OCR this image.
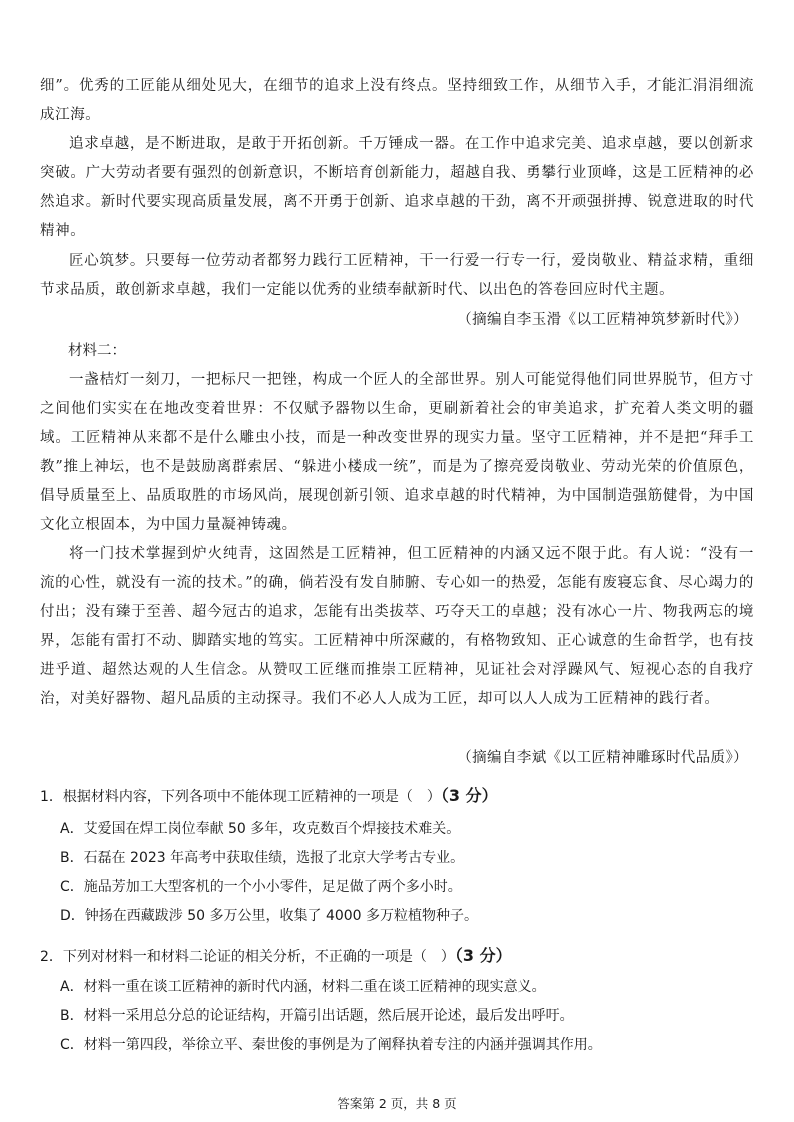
细”。优秀的工匠能从细处见大，在细节的追求上没有终点。坚持细致工作，从细节入手，才能汇涓涓细流成江海。

追求卓越，是不断进取，是敢于开拓创新。千万锤成一器。在工作中追求完美、追求卓越，要以创新求突破。广大劳动者要有强烈的创新意识，不断培育创新能力，超越自我、勇攀行业顶峰，这是工匠精神的必然追求。新时代要实现高质量发展，离不开勇于创新、追求卓越的干劲，离不开顽强拼搏、锐意进取的时代精神。

匠心筑梦。只要每一位劳动者都努力践行工匠精神，干一行爱一行专一行，爱岗敬业、精益求精，重细节求品质，敢创新求卓越，我们一定能以优秀的业绩奉献新时代、以出色的答卷回应时代主题。

（摘编自李玉滑《以工匠精神筑梦新时代》）
材料二：

一盏桔灯一刻刀，一把标尺一把锉，构成一个匠人的全部世界。别人可能觉得他们同世界脱节，但方寸之间他们实实在在地改变着世界：不仅赋予器物以生命，更刷新着社会的审美追求，扩充着人类文明的疆域。工匠精神从来都不是什么雕虫小技，而是一种改变世界的现实力量。坚守工匠精神，并不是把“拜手工教”推上神坛，也不是鼓励离群索居、“躲进小楼成一统”，而是为了擦亮爱岗敬业、劳动光荣的价值原色，倡导质量至上、品质取胜的市场风尚，展现创新引领、追求卓越的时代精神，为中国制造强筋健骨，为中国文化立根固本，为中国力量凝神铸魂。

将一门技术掌握到炉火纯青，这固然是工匠精神，但工匠精神的内涵又远不限于此。有人说：“没有一流的心性，就没有一流的技术。”的确，倘若没有发自肺腑、专心如一的热爱，怎能有废寝忘食、尽心竭力的付出；没有臻于至善、超今冠古的追求，怎能有出类拔萃、巧夺天工的卓越；没有冰心一片、物我两忘的境界，怎能有雷打不动、脚踏实地的笃实。工匠精神中所深藏的，有格物致知、正心诚意的生命哲学，也有技进乎道、超然达观的人生信念。从赞叹工匠继而推崇工匠精神，见证社会对浮躁风气、短视心态的自我疗治，对美好器物、超凡品质的主动探寻。我们不必人人成为工匠，却可以人人成为工匠精神的践行者。

（摘编自李斌《以工匠精神雕琢时代品质》）
1．根据材料内容，下列各项中不能体现工匠精神的一项是（　）（3 分）
A．艾爱国在焊工岗位奉献 50 多年，攻克数百个焊接技术难关。
B．石磊在 2023 年高考中获取佳绩，选报了北京大学考古专业。
C．施品芳加工大型客机的一个小小零件，足足做了两个多小时。
D．钟扬在西藏跋涉 50 多万公里，收集了 4000 多万粒植物种子。
2．下列对材料一和材料二论证的相关分析，不正确的一项是（　）（3 分）
A．材料一重在谈工匠精神的新时代内涵，材料二重在谈工匠精神的现实意义。
B．材料一采用总分总的论证结构，开篇引出话题，然后展开论述，最后发出呼吁。
C．材料一第四段，举徐立平、秦世俊的事例是为了阐释执着专注的内涵并强调其作用。
答案第 2 页，共 8 页
